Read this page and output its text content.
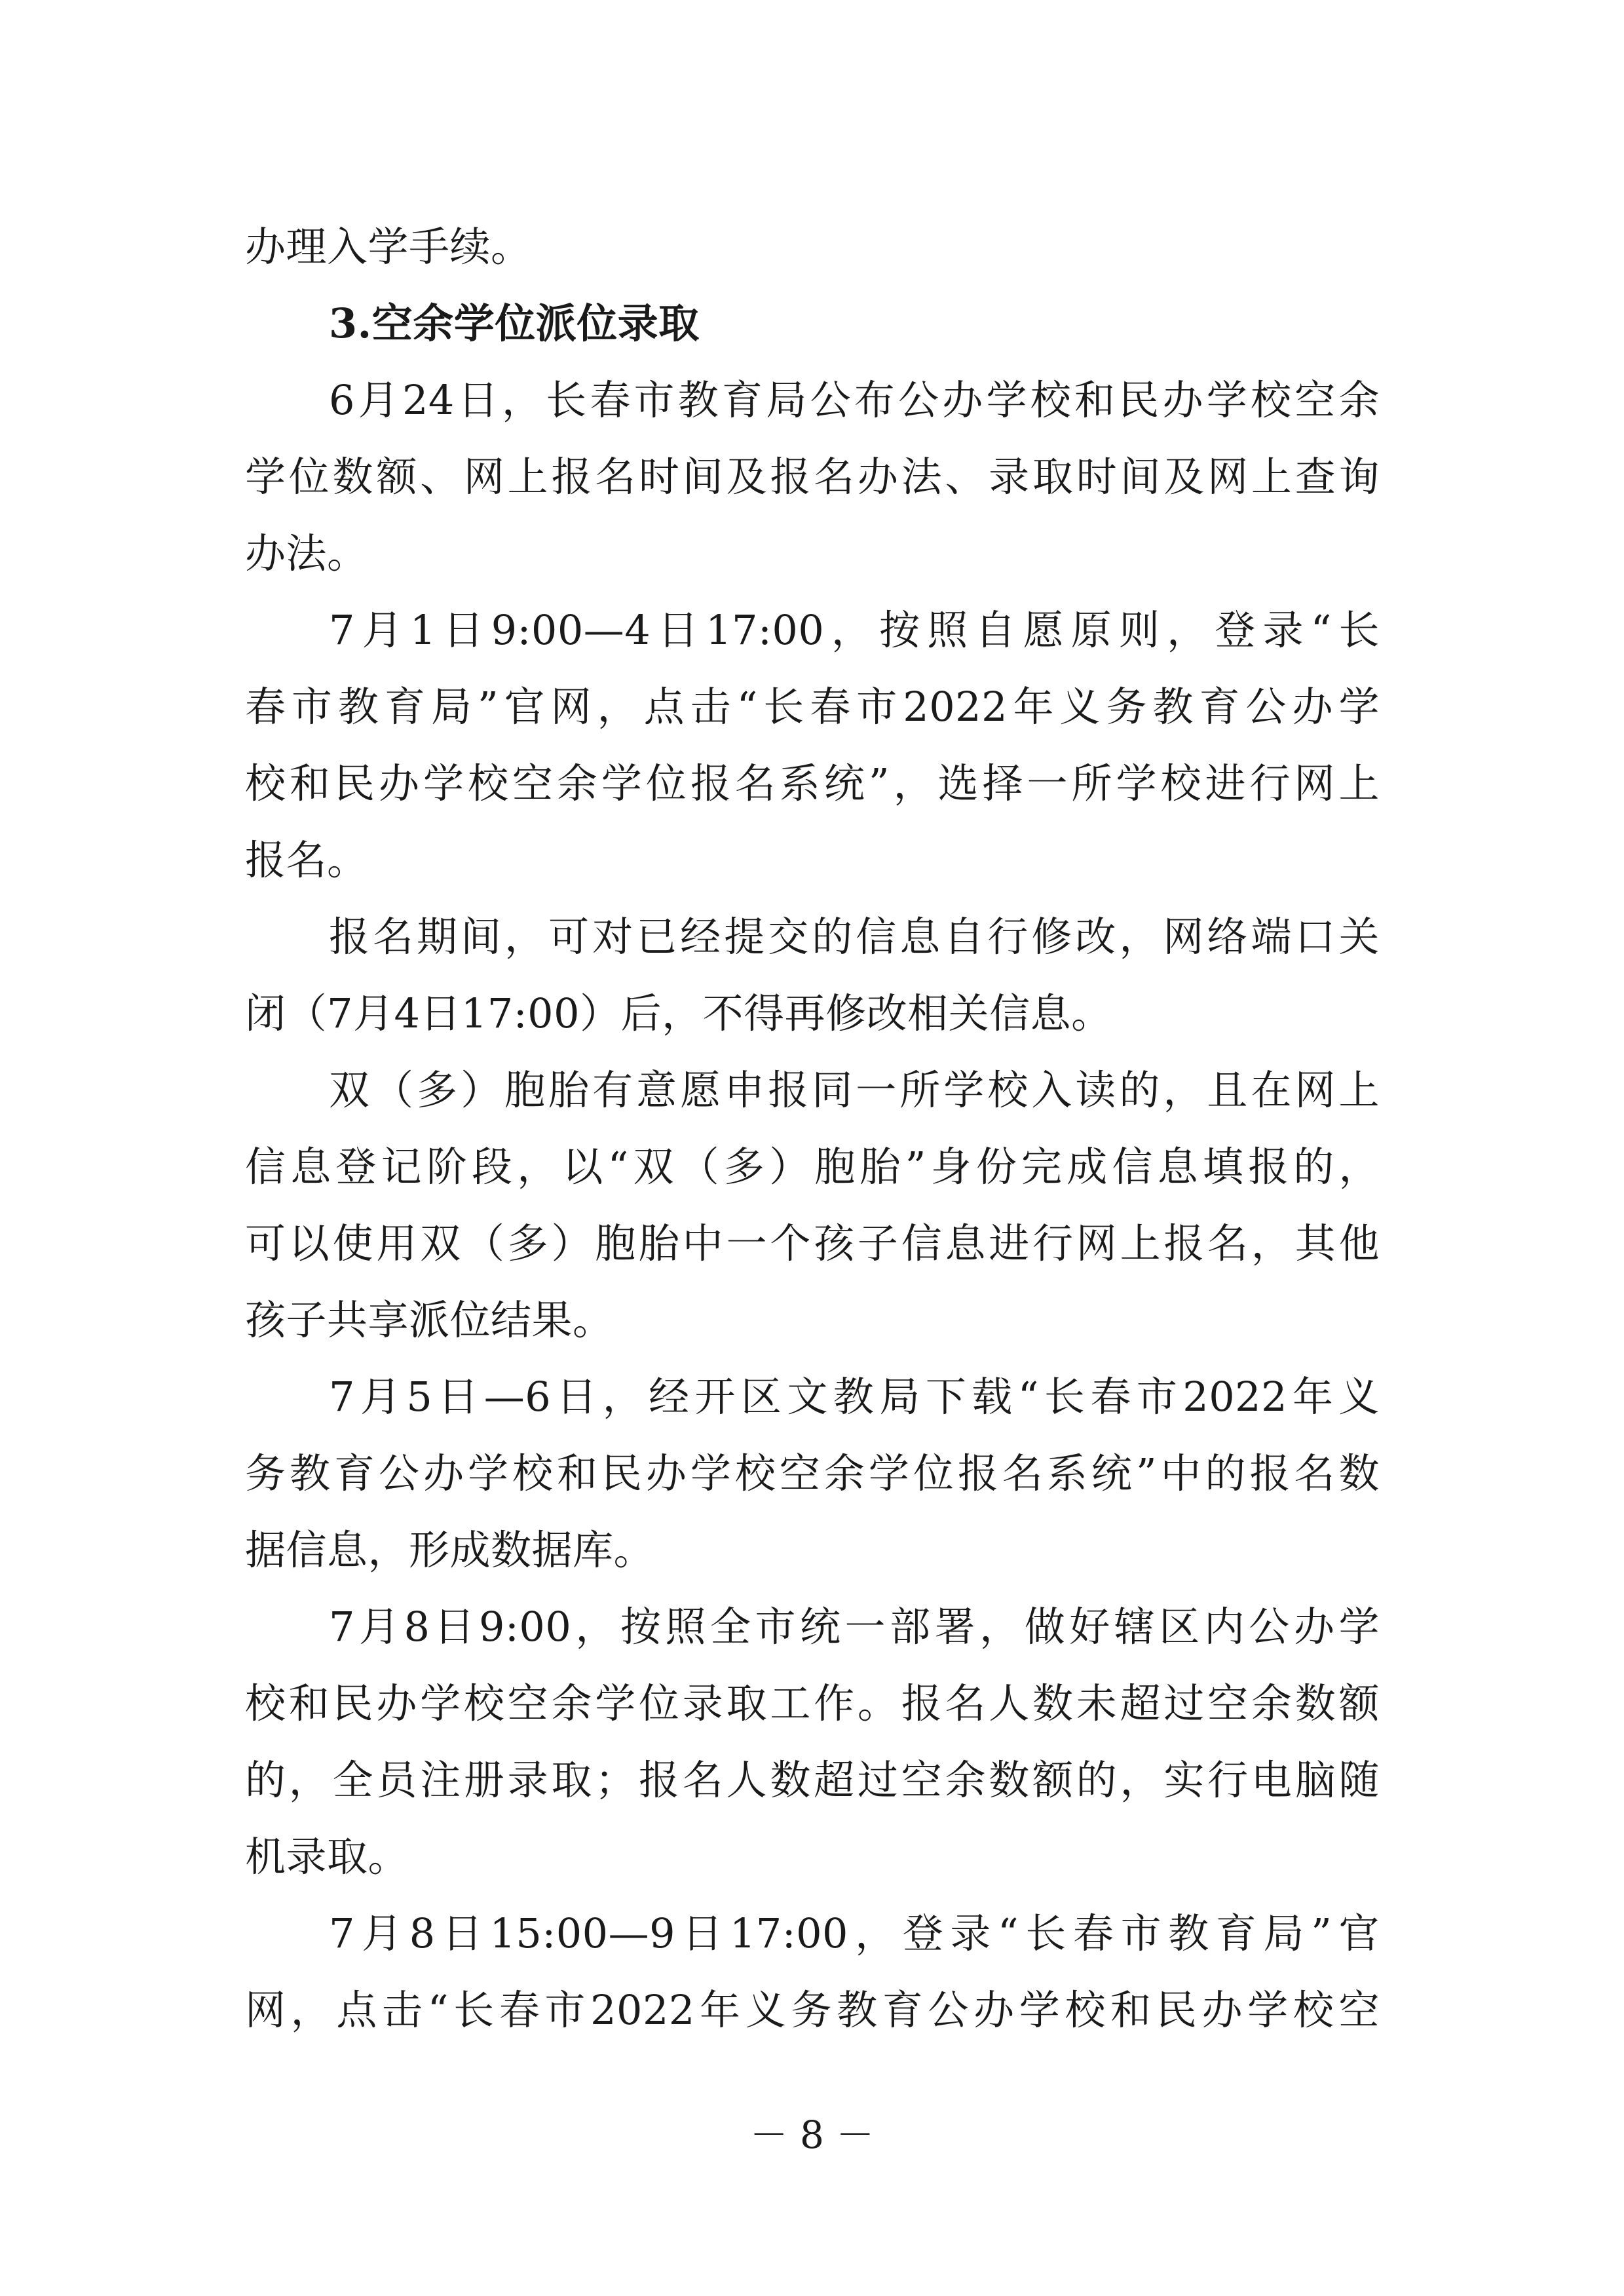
办理入学手续。
3.空余学位派位录取
6月24日，长春市教育局公布公办学校和民办学校空余
学位数额、网上报名时间及报名办法、录取时间及网上查询
办法。
7月1日9:00—4日17:00，按照自愿原则，登录“长
春市教育局”官网，点击“长春市2022年义务教育公办学
校和民办学校空余学位报名系统”，选择一所学校进行网上
报名。
报名期间，可对已经提交的信息自行修改，网络端口关
闭（7月4日17:00）后，不得再修改相关信息。
双（多）胞胎有意愿申报同一所学校入读的，且在网上
信息登记阶段，以“双（多）胞胎”身份完成信息填报的，
可以使用双（多）胞胎中一个孩子信息进行网上报名，其他
孩子共享派位结果。
7月5日—6日，经开区文教局下载“长春市2022年义
务教育公办学校和民办学校空余学位报名系统”中的报名数
据信息，形成数据库。
7月8日9:00，按照全市统一部署，做好辖区内公办学
校和民办学校空余学位录取工作。报名人数未超过空余数额
的，全员注册录取；报名人数超过空余数额的，实行电脑随
机录取。
7月8日15:00—9日17:00，登录“长春市教育局”官
网，点击“长春市2022年义务教育公办学校和民办学校空
－ 8 －
